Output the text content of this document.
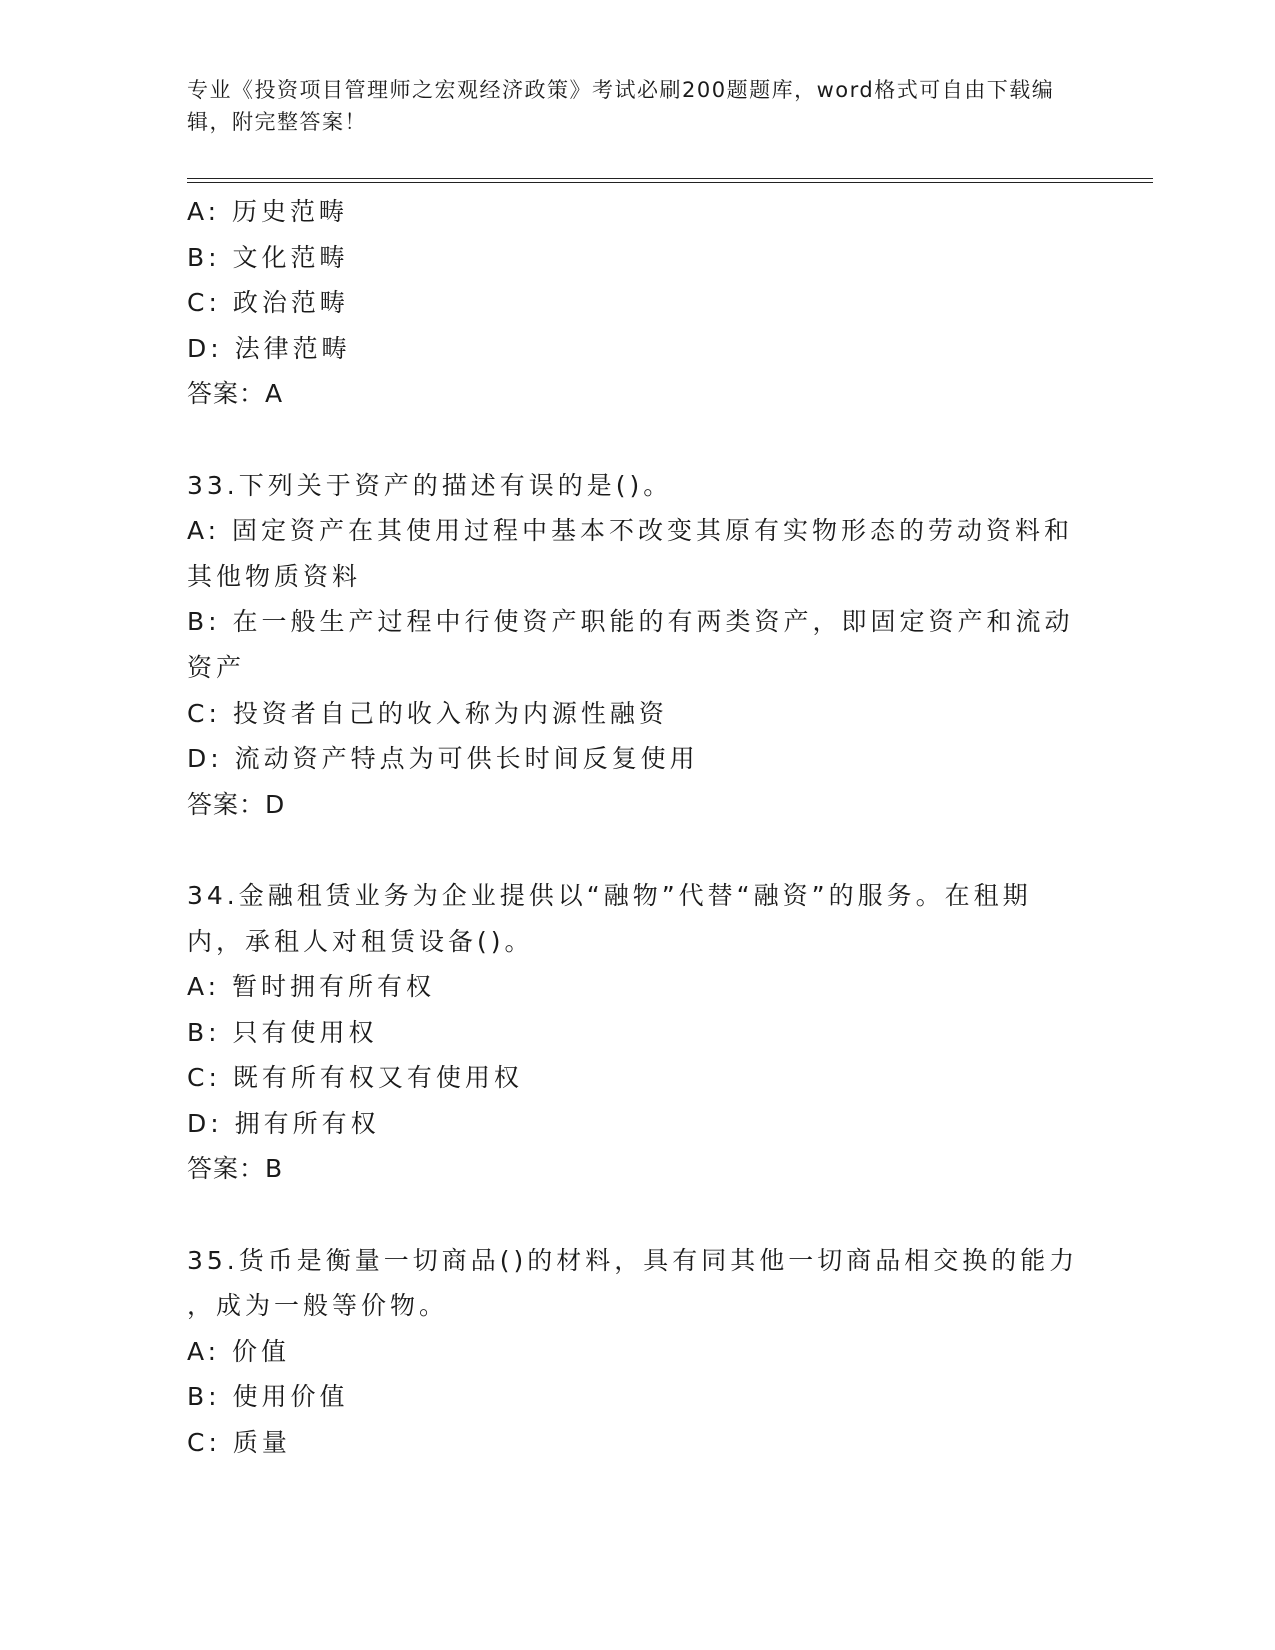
专业《投资项目管理师之宏观经济政策》考试必刷200题题库，word格式可自由下载编辑，附完整答案！
A: 历史范畴
B: 文化范畴
C: 政治范畴
D: 法律范畴
答案：A
33.下列关于资产的描述有误的是()。
A: 固定资产在其使用过程中基本不改变其原有实物形态的劳动资料和
其他物质资料
B: 在一般生产过程中行使资产职能的有两类资产，即固定资产和流动
资产
C: 投资者自己的收入称为内源性融资
D: 流动资产特点为可供长时间反复使用
答案：D
34.金融租赁业务为企业提供以“融物”代替“融资”的服务。在租期
内，承租人对租赁设备()。
A: 暂时拥有所有权
B: 只有使用权
C: 既有所有权又有使用权
D: 拥有所有权
答案：B
35.货币是衡量一切商品()的材料，具有同其他一切商品相交换的能力
，成为一般等价物。
A: 价值
B: 使用价值
C: 质量
